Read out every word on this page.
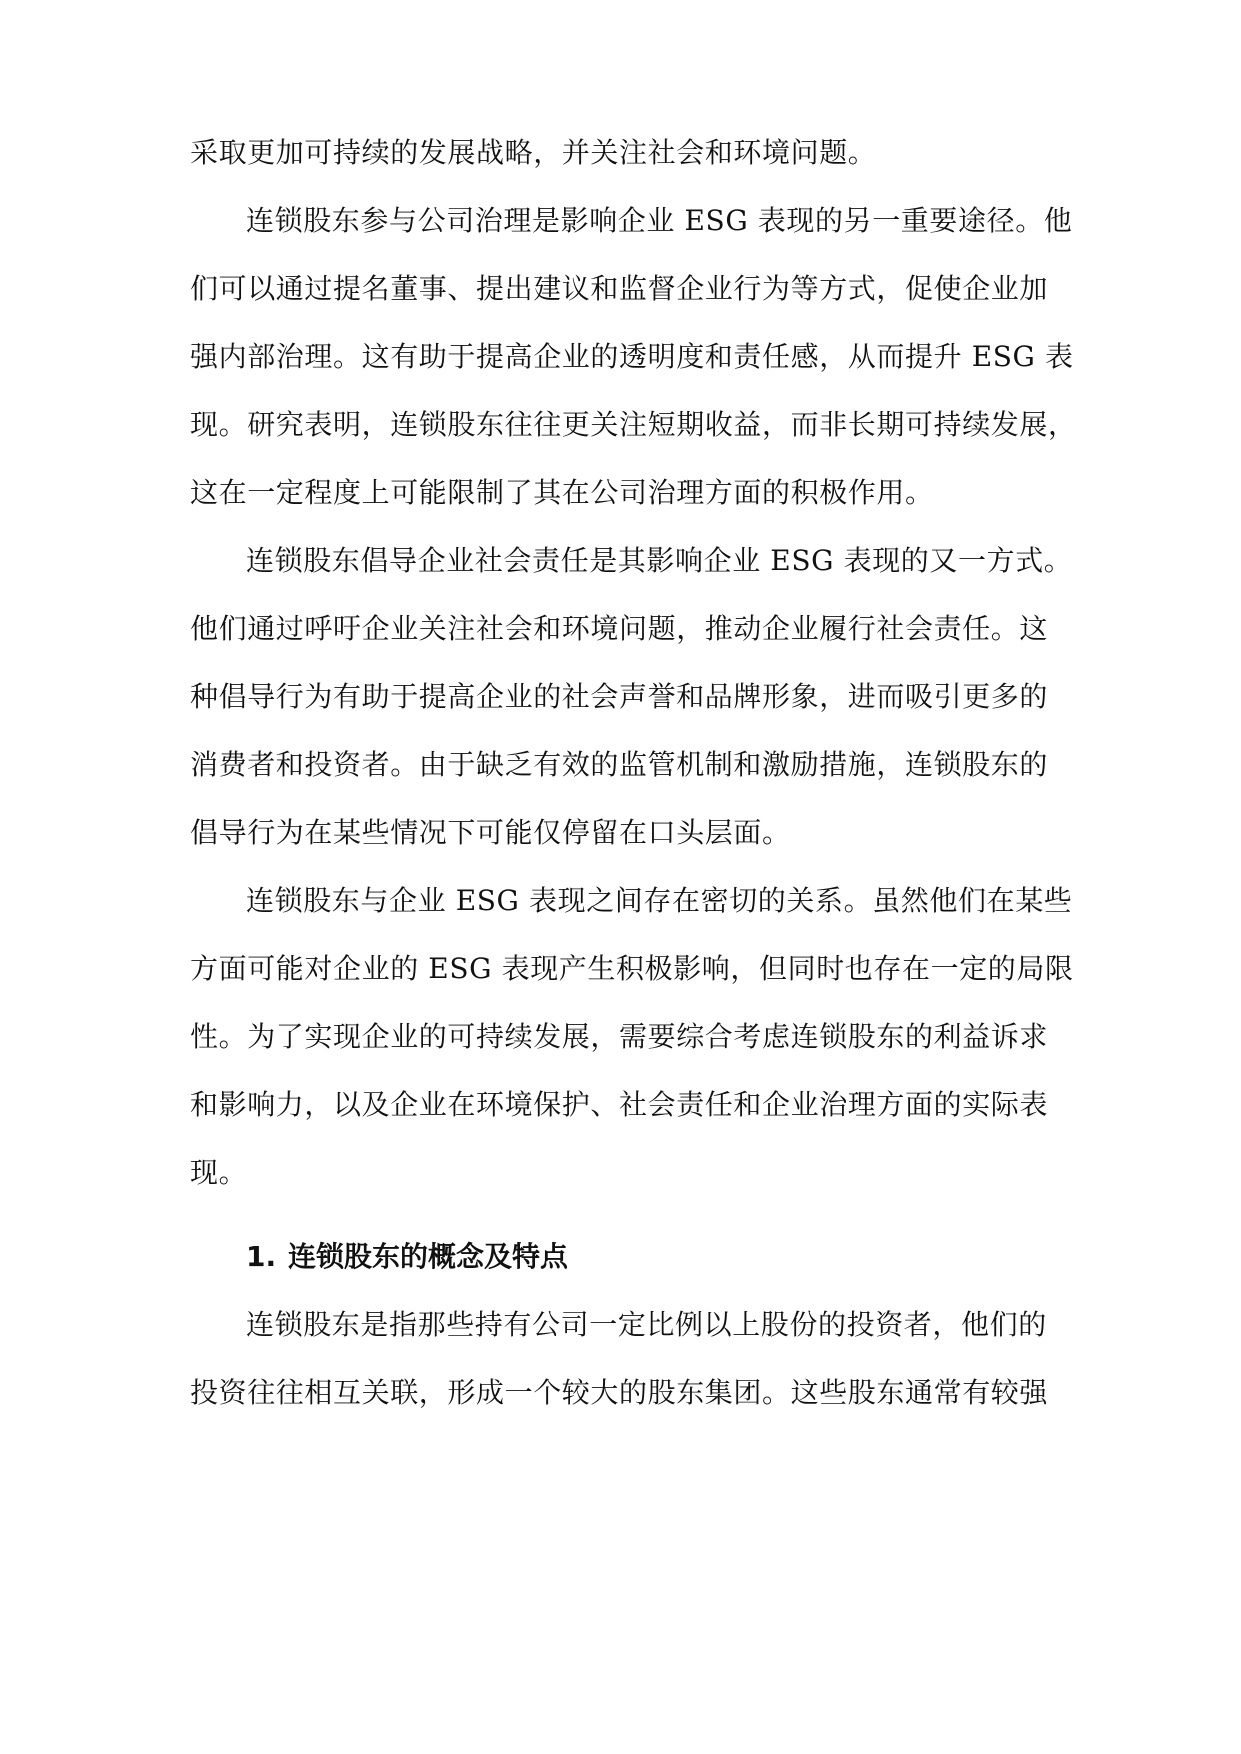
采取更加可持续的发展战略，并关注社会和环境问题。
连锁股东参与公司治理是影响企业 ESG 表现的另一重要途径。他
们可以通过提名董事、提出建议和监督企业行为等方式，促使企业加
强内部治理。这有助于提高企业的透明度和责任感，从而提升 ESG 表
现。研究表明，连锁股东往往更关注短期收益，而非长期可持续发展，
这在一定程度上可能限制了其在公司治理方面的积极作用。
连锁股东倡导企业社会责任是其影响企业 ESG 表现的又一方式。
他们通过呼吁企业关注社会和环境问题，推动企业履行社会责任。这
种倡导行为有助于提高企业的社会声誉和品牌形象，进而吸引更多的
消费者和投资者。由于缺乏有效的监管机制和激励措施，连锁股东的
倡导行为在某些情况下可能仅停留在口头层面。
连锁股东与企业 ESG 表现之间存在密切的关系。虽然他们在某些
方面可能对企业的 ESG 表现产生积极影响，但同时也存在一定的局限
性。为了实现企业的可持续发展，需要综合考虑连锁股东的利益诉求
和影响力，以及企业在环境保护、社会责任和企业治理方面的实际表
现。
1. 连锁股东的概念及特点
连锁股东是指那些持有公司一定比例以上股份的投资者，他们的
投资往往相互关联，形成一个较大的股东集团。这些股东通常有较强
